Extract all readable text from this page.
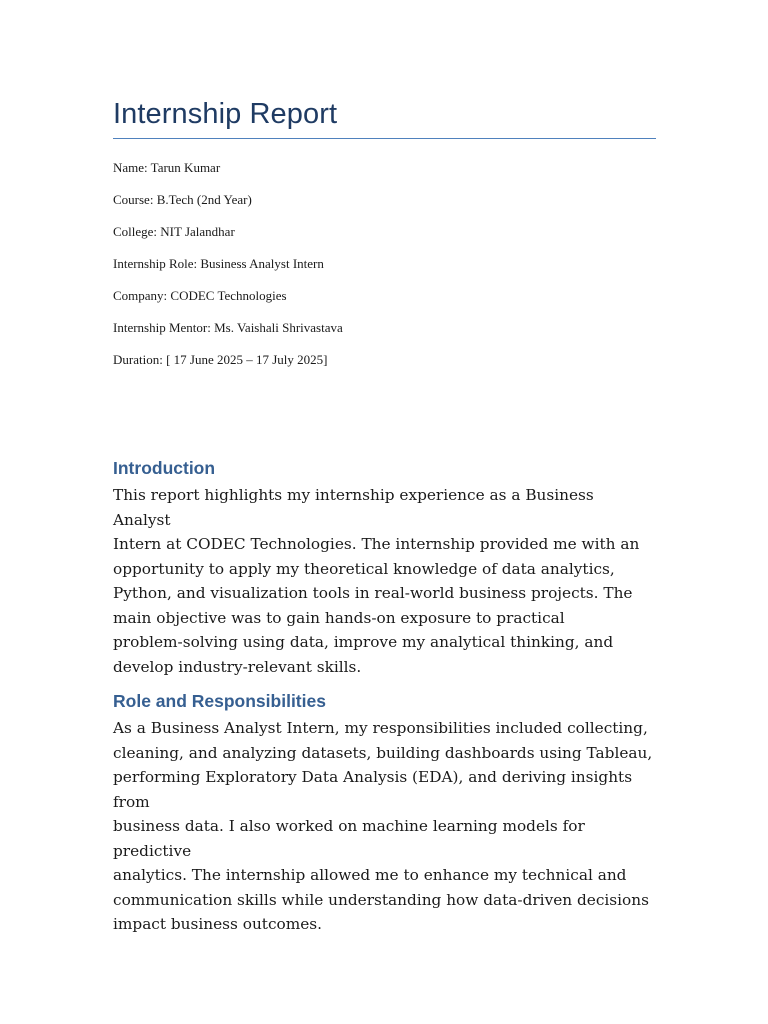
Internship Report
Name: Tarun Kumar
Course: B.Tech (2nd Year)
College: NIT Jalandhar
Internship Role: Business Analyst Intern
Company: CODEC Technologies
Internship Mentor: Ms. Vaishali Shrivastava
Duration: [ 17 June 2025 – 17 July 2025]
Introduction

This report highlights my internship experience as a Business Analyst
Intern at CODEC Technologies. The internship provided me with an
opportunity to apply my theoretical knowledge of data analytics,
Python, and visualization tools in real-world business projects. The
main objective was to gain hands-on exposure to practical
problem-solving using data, improve my analytical thinking, and
develop industry-relevant skills.

Role and Responsibilities

As a Business Analyst Intern, my responsibilities included collecting,
cleaning, and analyzing datasets, building dashboards using Tableau,
performing Exploratory Data Analysis (EDA), and deriving insights from
business data. I also worked on machine learning models for predictive
analytics. The internship allowed me to enhance my technical and
communication skills while understanding how data-driven decisions
impact business outcomes.
